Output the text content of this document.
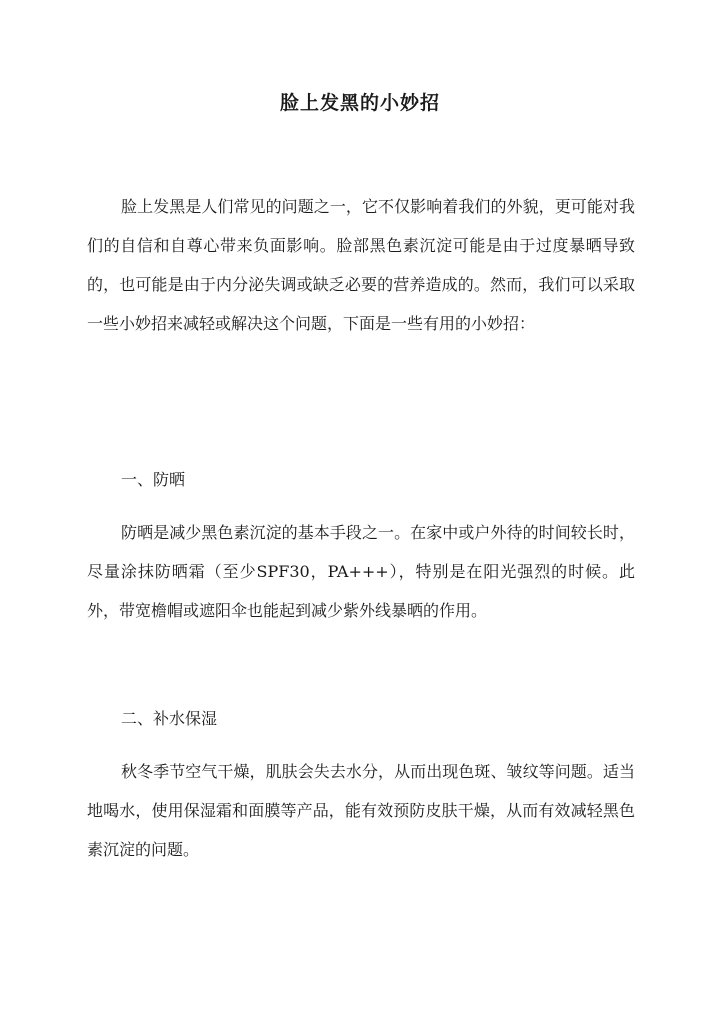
脸上发黑的小妙招

脸上发黑是人们常见的问题之一，它不仅影响着我们的外貌，更可能对我们的自信和自尊心带来负面影响。脸部黑色素沉淀可能是由于过度暴晒导致的，也可能是由于内分泌失调或缺乏必要的营养造成的。然而，我们可以采取一些小妙招来减轻或解决这个问题，下面是一些有用的小妙招：

一、防晒

防晒是减少黑色素沉淀的基本手段之一。在家中或户外待的时间较长时，尽量涂抹防晒霜（至少SPF30，PA+++），特别是在阳光强烈的时候。此外，带宽檐帽或遮阳伞也能起到减少紫外线暴晒的作用。

二、补水保湿

秋冬季节空气干燥，肌肤会失去水分，从而出现色斑、皱纹等问题。适当地喝水，使用保湿霜和面膜等产品，能有效预防皮肤干燥，从而有效减轻黑色素沉淀的问题。
